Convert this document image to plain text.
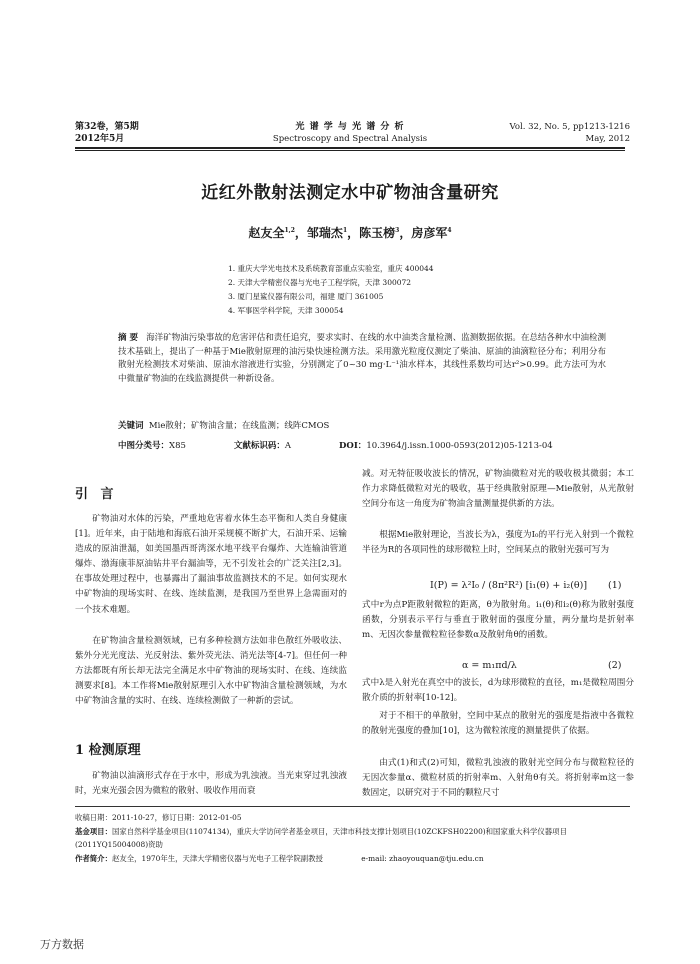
第32卷，第5期
2012年5月
光 谱 学 与 光 谱 分 析
Spectroscopy and Spectral Analysis
Vol. 32, No. 5, pp1213-1216
May, 2012
近红外散射法测定水中矿物油含量研究
赵友全$^{1,2}$，邹瑞杰$^1$，陈玉榜$^3$，房彦军$^4$
1. 重庆大学光电技术及系统教育部重点实验室，重庆 400044
2. 天津大学精密仪器与光电子工程学院，天津 300072
3. 厦门星鲨仪器有限公司，福建 厦门 361005
4. 军事医学科学院，天津 300054
摘 要 海洋矿物油污染事故的危害评估和责任追究，要求实时、在线的水中油类含量检测、监测数据依据。在总结各种水中油检测技术基础上，提出了一种基于Mie散射原理的油污染快速检测方法。采用激光粒度仪测定了柴油、原油的油滴粒径分布；利用分布散射光检测技术对柴油、原油水溶液进行实验，分别测定了0~30 mg·L⁻¹油水样本，其线性系数均可达r²>0.99。此方法可为水中微量矿物油的在线监测提供一种新设备。
关键词 Mie散射；矿物油含量；在线监测；线阵CMOS
中图分类号：X85	文献标识码：A	DOI：10.3964/j.issn.1000-0593(2012)05-1213-04
引 言
矿物油对水体的污染，严重地危害着水体生态平衡和人类自身健康[1]。近年来，由于陆地和海底石油开采规模不断扩大，石油开采、运输造成的原油泄漏，如美国墨西哥湾深水地平线平台爆炸、大连输油管道爆炸、渤海康菲原油钻井平台漏油等，无不引发社会的广泛关注[2,3]。在事故处理过程中，也暴露出了漏油事故监测技术的不足。如何实现水中矿物油的现场实时、在线、连续监测，是我国乃至世界上急需面对的一个技术难题。
在矿物油含量检测领域，已有多种检测方法如非色散红外吸收法、紫外分光光度法、光反射法、紫外荧光法、消光法等[4-7]。但任何一种方法都既有所长却无法完全满足水中矿物油的现场实时、在线、连续监测要求[8]。本工作将Mie散射原理引入水中矿物油含量检测领域，为水中矿物油含量的实时、在线、连续检测做了一种新的尝试。
1 检测原理
矿物油以油滴形式存在于水中，形成为乳浊液。当光束穿过乳浊液时，光束光强会因为微粒的散射、吸收作用而衰
减。对无特征吸收波长的情况，矿物油微粒对光的吸收极其微弱；本工作力求降低微粒对光的吸收，基于经典散射原理—Mie散射，从光散射空间分布这一角度为矿物油含量测量提供新的方法。
根据Mie散射理论，当波长为λ，强度为I₀的平行光入射到一个微粒半径为R的各项同性的球形微粒上时，空间某点的散射光强可写为
I(P) = λ²I₀ / (8π²R²) [i₁(θ) + i₂(θ)] (1)
式中r为点P距散射微粒的距离，θ为散射角。i₁(θ)和i₂(θ)称为散射强度函数，分别表示平行与垂直于散射面的强度分量，两分量均是折射率m、无因次参量微粒粒径参数α及散射角θ的函数。
α = m₁πd/λ	(2)
式中λ是入射光在真空中的波长，d为球形微粒的直径，m₁是微粒周围分散介质的折射率[10-12]。
对于不相干的单散射，空间中某点的散射光的强度是指液中各微粒的散射光强度的叠加[10]，这为微粒浓度的测量提供了依据。
由式(1)和式(2)可知，微粒乳浊液的散射光空间分布与微粒粒径的无因次参量α、微粒材质的折射率m、入射角θ有关。将折射率m这一参数固定，以研究对于不同的颗粒尺寸
收稿日期：2011-10-27，修订日期：2012-01-05
基金项目：国家自然科学基金项目(11074134)，重庆大学访问学者基金项目，天津市科技支撑计划项目(10ZCKFSH02200)和国家重大科学仪器项目(2011YQ15004008)资助
作者简介：赵友全，1970年生，天津大学精密仪器与光电子工程学院副教授	e-mail: zhaoyouquan@tju.edu.cn
万方数据
